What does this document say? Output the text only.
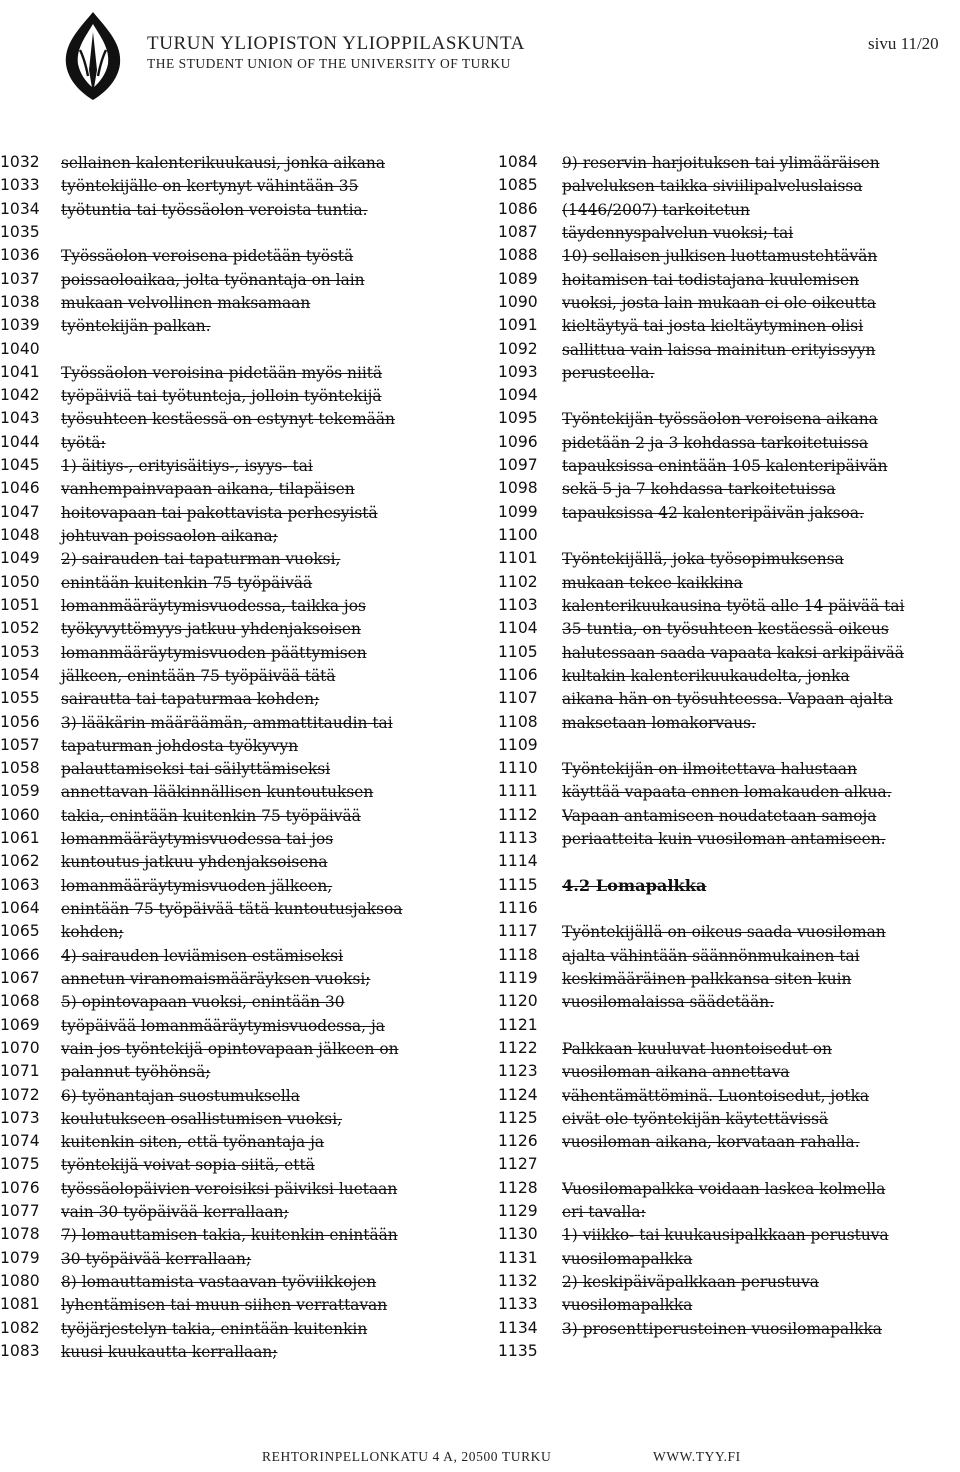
TURUN YLIOPISTON YLIOPPILASKUNTA
THE STUDENT UNION OF THE UNIVERSITY OF TURKU
sivu 11/20
1032 sellainen kalenterikuukausi, jonka aikana
1033 työntekijälle on kertynyt vähintään 35
1034 työtuntia tai työssäolon veroista tuntia.
1035
1036 Työssäolon veroisena pidetään työstä
1037 poissaoloaikaa, jolta työnantaja on lain
1038 mukaan velvollinen maksamaan
1039 työntekijän palkan.
1040
1041 Työssäolon veroisina pidetään myös niitä
1042 työpäiviä tai työtunteja, jolloin työntekijä
1043 työsuhteen kestäessä on estynyt tekemään
1044 työtä:
1045 1) äitiys-, erityisäitiys-, isyys- tai
1046 vanhempainvapaan aikana, tilapäisen
1047 hoitovapaan tai pakottavista perhesyistä
1048 johtuvan poissaolon aikana;
1049 2) sairauden tai tapaturman vuoksi,
1050 enintään kuitenkin 75 työpäivää
1051 lomanmääräytymisvuodessa, taikka jos
1052 työkyvyttömyys jatkuu yhdenjaksoisen
1053 lomanmääräytymisvuoden päättymisen
1054 jälkeen, enintään 75 työpäivää tätä
1055 sairautta tai tapaturmaa kohden;
1056 3) lääkärin määräämän, ammattitaudin tai
1057 tapaturman johdosta työkyvyn
1058 palauttamiseksi tai säilyttämiseksi
1059 annettavan lääkinnällisen kuntoutuksen
1060 takia, enintään kuitenkin 75 työpäivää
1061 lomanmääräytymisvuodessa tai jos
1062 kuntoutus jatkuu yhdenjaksoisena
1063 lomanmääräytymisvuoden jälkeen,
1064 enintään 75 työpäivää tätä kuntoutusjaksoa
1065 kohden;
1066 4) sairauden leviämisen estämiseksi
1067 annetun viranomaismääräyksen vuoksi;
1068 5) opintovapaan vuoksi, enintään 30
1069 työpäivää lomanmääräytymisvuodessa, ja
1070 vain jos työntekijä opintovapaan jälkeen on
1071 palannut työhönsä;
1072 6) työnantajan suostumuksella
1073 koulutukseen osallistumisen vuoksi,
1074 kuitenkin siten, että työnantaja ja
1075 työntekijä voivat sopia siitä, että
1076 työssäolopäivien veroisiksi päiviksi luetaan
1077 vain 30 työpäivää kerrallaan;
1078 7) lomauttamisen takia, kuitenkin enintään
1079 30 työpäivää kerrallaan;
1080 8) lomauttamista vastaavan työviikkojen
1081 lyhentämisen tai muun siihen verrattavan
1082 työjärjestelyn takia, enintään kuitenkin
1083 kuusi kuukautta kerrallaan;
1084 9) reservin harjoituksen tai ylimääräisen
1085 palveluksen taikka siviilipalveluslaissa
1086 (1446/2007) tarkoitetun
1087 täydennyspalvelun vuoksi; tai
1088 10) sellaisen julkisen luottamustehtävän
1089 hoitamisen tai todistajana kuulemisen
1090 vuoksi, josta lain mukaan ei ole oikeutta
1091 kieltäytyä tai josta kieltäytyminen olisi
1092 sallittua vain laissa mainitun erityissyyn
1093 perusteella.
1094
1095 Työntekijän työssäolon veroisena aikana
1096 pidetään 2 ja 3 kohdassa tarkoitetuissa
1097 tapauksissa enintään 105 kalenteripäivän
1098 sekä 5 ja 7 kohdassa tarkoitetuissa
1099 tapauksissa 42 kalenteripäivän jaksoa.
1100
1101 Työntekijällä, joka työsopimuksensa
1102 mukaan tekee kaikkina
1103 kalenterikuukausina työtä alle 14 päivää tai
1104 35 tuntia, on työsuhteen kestäessä oikeus
1105 halutessaan saada vapaata kaksi arkipäivää
1106 kultakin kalenterikuukaudelta, jonka
1107 aikana hän on työsuhteessa. Vapaan ajalta
1108 maksetaan lomakorvaus.
1109
1110 Työntekijän on ilmoitettava halustaan
1111 käyttää vapaata ennen lomakauden alkua.
1112 Vapaan antamiseen noudatetaan samoja
1113 periaatteita kuin vuosiloman antamiseen.
1114
1115 4.2 Lomapalkka
1116
1117 Työntekijällä on oikeus saada vuosiloman
1118 ajalta vähintään säännönmukainen tai
1119 keskimääräinen palkkansa siten kuin
1120 vuosilomalaissa säädetään.
1121
1122 Palkkaan kuuluvat luontoisedut on
1123 vuosiloman aikana annettava
1124 vähentämättöminä. Luontoisedut, jotka
1125 eivät ole työntekijän käytettävissä
1126 vuosiloman aikana, korvataan rahalla.
1127
1128 Vuosilomapalkka voidaan laskea kolmella
1129 eri tavalla:
1130 1) viikko- tai kuukausipalkkaan perustuva
1131 vuosilomapalkka
1132 2) keskipäiväpalkkaan perustuva
1133 vuosilomapalkka
1134 3) prosenttiperusteinen vuosilomapalkka
1135
REHTORINPELLONKATU 4 A, 20500 TURKU	WWW.TYY.FI
